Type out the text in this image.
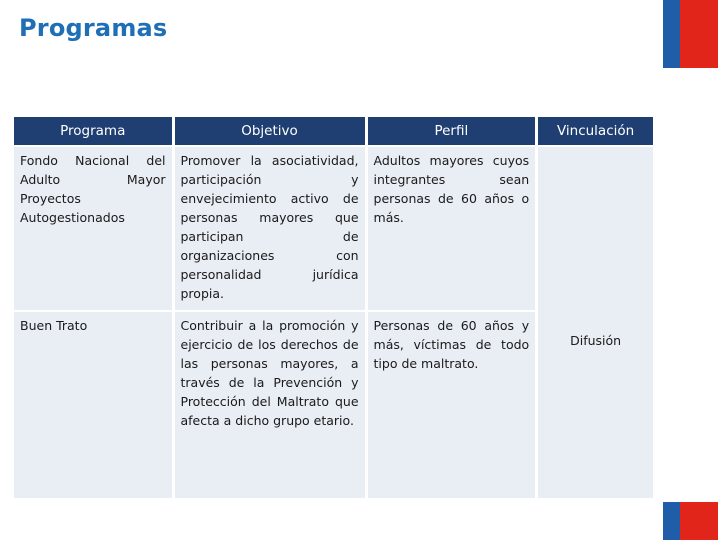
Programas
Programa	Objetivo	Perfil	Vinculación
Fondo Nacional del Adulto Mayor Proyectos Autogestionados	Promover la asociatividad, participación y envejecimiento activo de personas mayores que participan de organizaciones con personalidad jurídica propia.	Adultos mayores cuyos integrantes sean personas de 60 años o más.	Difusión
Buen Trato	Contribuir a la promoción y ejercicio de los derechos de las personas mayores, a través de la Prevención y Protección del Maltrato que afecta a dicho grupo etario.	Personas de 60 años y más, víctimas de todo tipo de maltrato.	
